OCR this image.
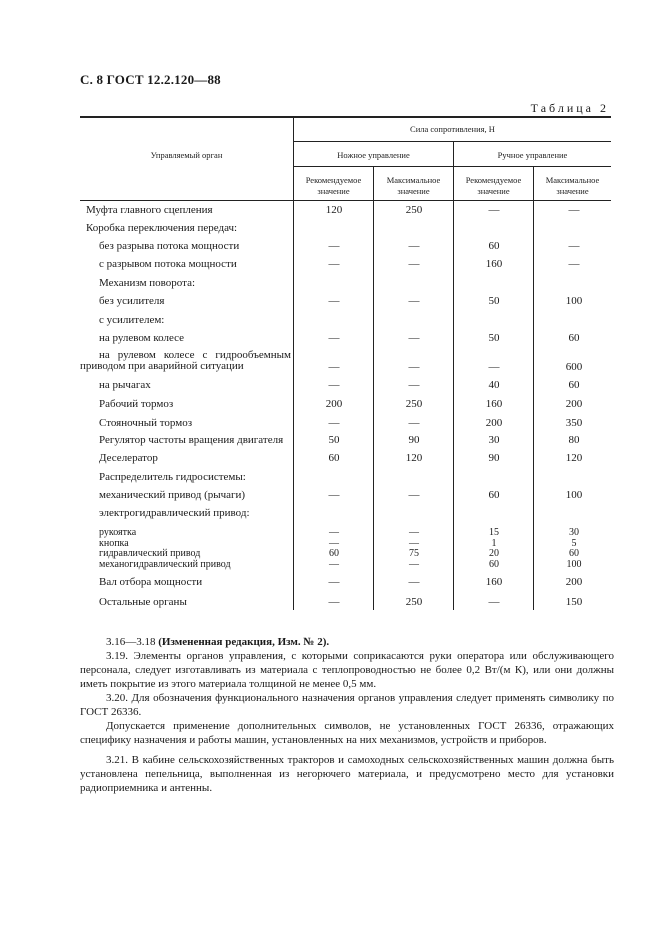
С. 8 ГОСТ 12.2.120—88
Таблица 2
Управляемый орган
Сила сопротивления, Н
Ножное управление	Ручное управление
Рекомендуемое
значение
Максимальное
значение
Рекомендуемое
значение
Максимальное
значение
Муфта главного сцепления	120	250	—	—
Коробка переключения передач:
без разрыва потока мощности	—	—	60	—
с разрывом потока мощности	—	—	160	—
Механизм поворота:
без усилителя	—	—	50	100
с усилителем:
на рулевом колесе	—	—	50	60
на рулевом колесе с гидрообъемным приводом при аварийной ситуации	—	—	—	600
на рычагах	—	—	40	60
Рабочий тормоз	200	250	160	200
Стояночный тормоз	—	—	200	350
Регулятор частоты вращения двигателя	50	90	30	80
Деселератор	60	120	90	120
Распределитель гидросистемы:
механический привод (рычаги)	—	—	60	100
электрогидравлический привод:
рукоятка	—	—	15	30
кнопка	—	—	1	5
гидравлический привод	60	75	20	60
механогидравлический привод	—	—	60	100
Вал отбора мощности	—	—	160	200
Остальные органы	—	250	—	150
3.16—3.18 (Измененная редакция, Изм. № 2).
3.19. Элементы органов управления, с которыми соприкасаются руки оператора или обслуживающего персонала, следует изготавливать из материала с теплопроводностью не более 0,2 Вт/(м К), или они должны иметь покрытие из этого материала толщиной не менее 0,5 мм.
3.20. Для обозначения функционального назначения органов управления следует применять символику по ГОСТ 26336.
Допускается применение дополнительных символов, не установленных ГОСТ 26336, отражающих специфику назначения и работы машин, установленных на них механизмов, устройств и приборов.
3.21. В кабине сельскохозяйственных тракторов и самоходных сельскохозяйственных машин должна быть установлена пепельница, выполненная из негорючего материала, и предусмотрено место для установки радиоприемника и антенны.
